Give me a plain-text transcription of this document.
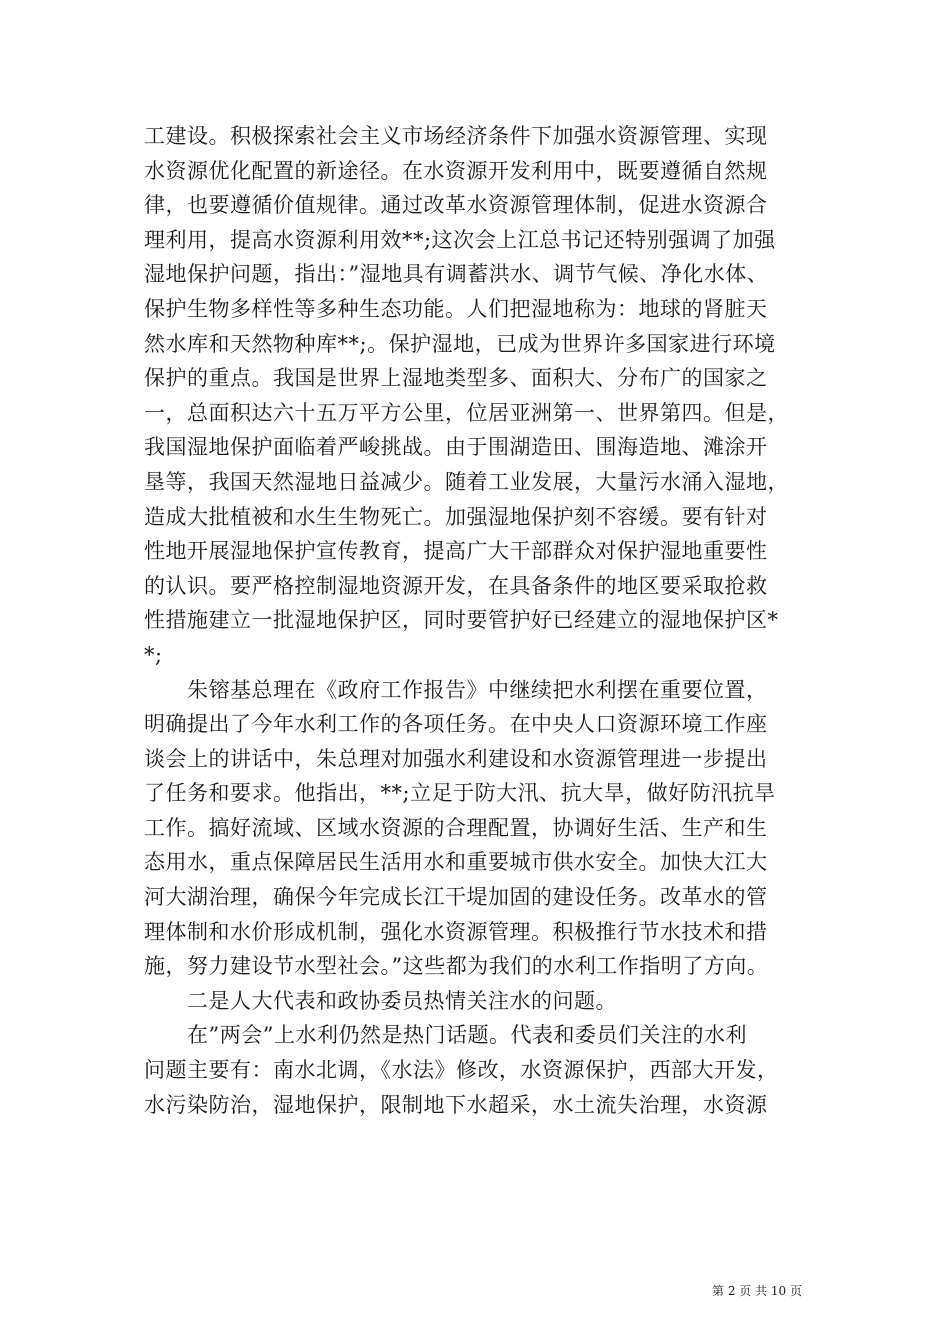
工建设。积极探索社会主义市场经济条件下加强水资源管理、实现
水资源优化配置的新途径。在水资源开发利用中，既要遵循自然规
律，也要遵循价值规律。通过改革水资源管理体制，促进水资源合
理利用，提高水资源利用效**;这次会上江总书记还特别强调了加强
湿地保护问题，指出：”湿地具有调蓄洪水、调节气候、净化水体、
保护生物多样性等多种生态功能。人们把湿地称为：地球的肾脏天
然水库和天然物种库**;。保护湿地，已成为世界许多国家进行环境
保护的重点。我国是世界上湿地类型多、面积大、分布广的国家之
一，总面积达六十五万平方公里，位居亚洲第一、世界第四。但是，
我国湿地保护面临着严峻挑战。由于围湖造田、围海造地、滩涂开
垦等，我国天然湿地日益减少。随着工业发展，大量污水涌入湿地，
造成大批植被和水生生物死亡。加强湿地保护刻不容缓。要有针对
性地开展湿地保护宣传教育，提高广大干部群众对保护湿地重要性
的认识。要严格控制湿地资源开发，在具备条件的地区要采取抢救
性措施建立一批湿地保护区，同时要管护好已经建立的湿地保护区*
*;
朱镕基总理在《政府工作报告》中继续把水利摆在重要位置，
明确提出了今年水利工作的各项任务。在中央人口资源环境工作座
谈会上的讲话中，朱总理对加强水利建设和水资源管理进一步提出
了任务和要求。他指出，**;立足于防大汛、抗大旱，做好防汛抗旱
工作。搞好流域、区域水资源的合理配置，协调好生活、生产和生
态用水，重点保障居民生活用水和重要城市供水安全。加快大江大
河大湖治理，确保今年完成长江干堤加固的建设任务。改革水的管
理体制和水价形成机制，强化水资源管理。积极推行节水技术和措
施，努力建设节水型社会。”这些都为我们的水利工作指明了方向。
二是人大代表和政协委员热情关注水的问题。
在”两会”上水利仍然是热门话题。代表和委员们关注的水利
问题主要有：南水北调，《水法》修改，水资源保护，西部大开发，
水污染防治，湿地保护，限制地下水超采，水土流失治理，水资源
第 2 页 共 10 页
